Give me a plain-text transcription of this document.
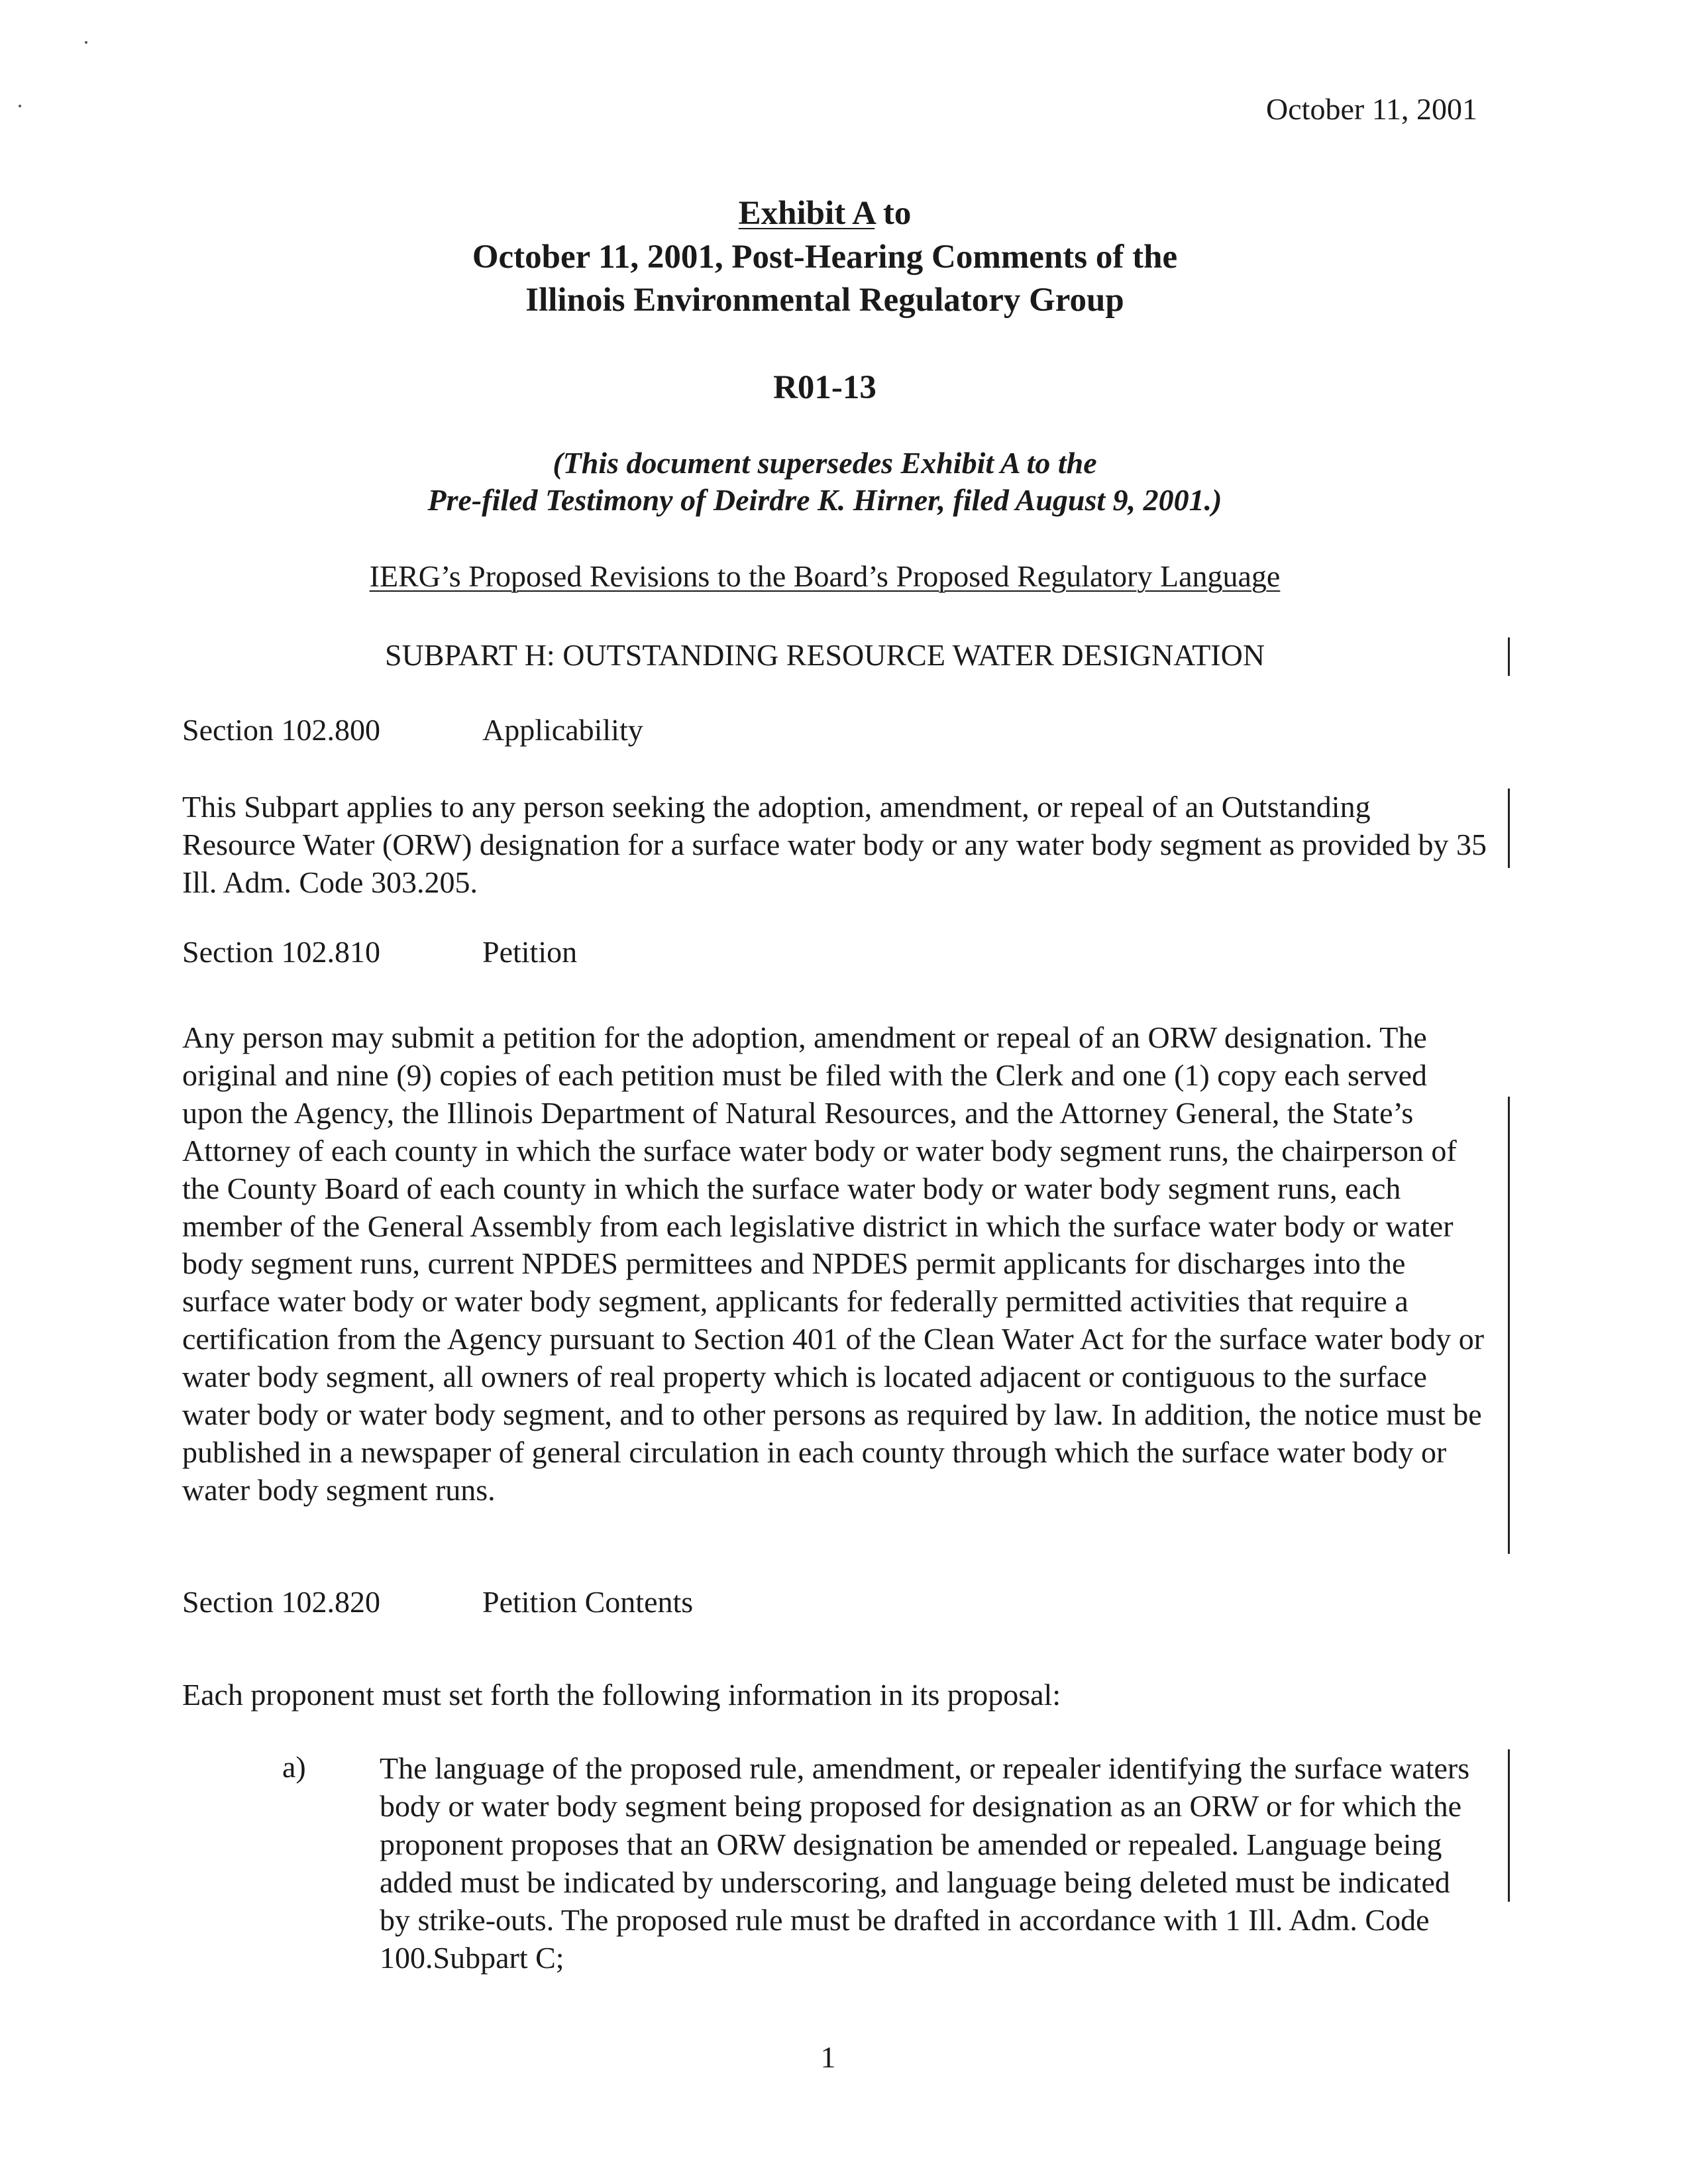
October 11, 2001
Exhibit A to
October 11, 2001, Post-Hearing Comments of the
Illinois Environmental Regulatory Group
R01-13
(This document supersedes Exhibit A to the
Pre-filed Testimony of Deirdre K. Hirner, filed August 9, 2001.)
IERG’s Proposed Revisions to the Board’s Proposed Regulatory Language
SUBPART H: OUTSTANDING RESOURCE WATER DESIGNATION
Section 102.800	Applicability
This Subpart applies to any person seeking the adoption, amendment, or repeal of an Outstanding Resource Water (ORW) designation for a surface water body or any water body segment as provided by 35 Ill. Adm. Code 303.205.
Section 102.810	Petition
Any person may submit a petition for the adoption, amendment or repeal of an ORW designation. The original and nine (9) copies of each petition must be filed with the Clerk and one (1) copy each served upon the Agency, the Illinois Department of Natural Resources, and the Attorney General, the State’s Attorney of each county in which the surface water body or water body segment runs, the chairperson of the County Board of each county in which the surface water body or water body segment runs, each member of the General Assembly from each legislative district in which the surface water body or water body segment runs, current NPDES permittees and NPDES permit applicants for discharges into the surface water body or water body segment, applicants for federally permitted activities that require a certification from the Agency pursuant to Section 401 of the Clean Water Act for the surface water body or water body segment, all owners of real property which is located adjacent or contiguous to the surface water body or water body segment, and to other persons as required by law. In addition, the notice must be published in a newspaper of general circulation in each county through which the surface water body or water body segment runs.
Section 102.820	Petition Contents
Each proponent must set forth the following information in its proposal:
a) The language of the proposed rule, amendment, or repealer identifying the surface waters body or water body segment being proposed for designation as an ORW or for which the proponent proposes that an ORW designation be amended or repealed. Language being added must be indicated by underscoring, and language being deleted must be indicated by strike-outs. The proposed rule must be drafted in accordance with 1 Ill. Adm. Code 100.Subpart C;
1
